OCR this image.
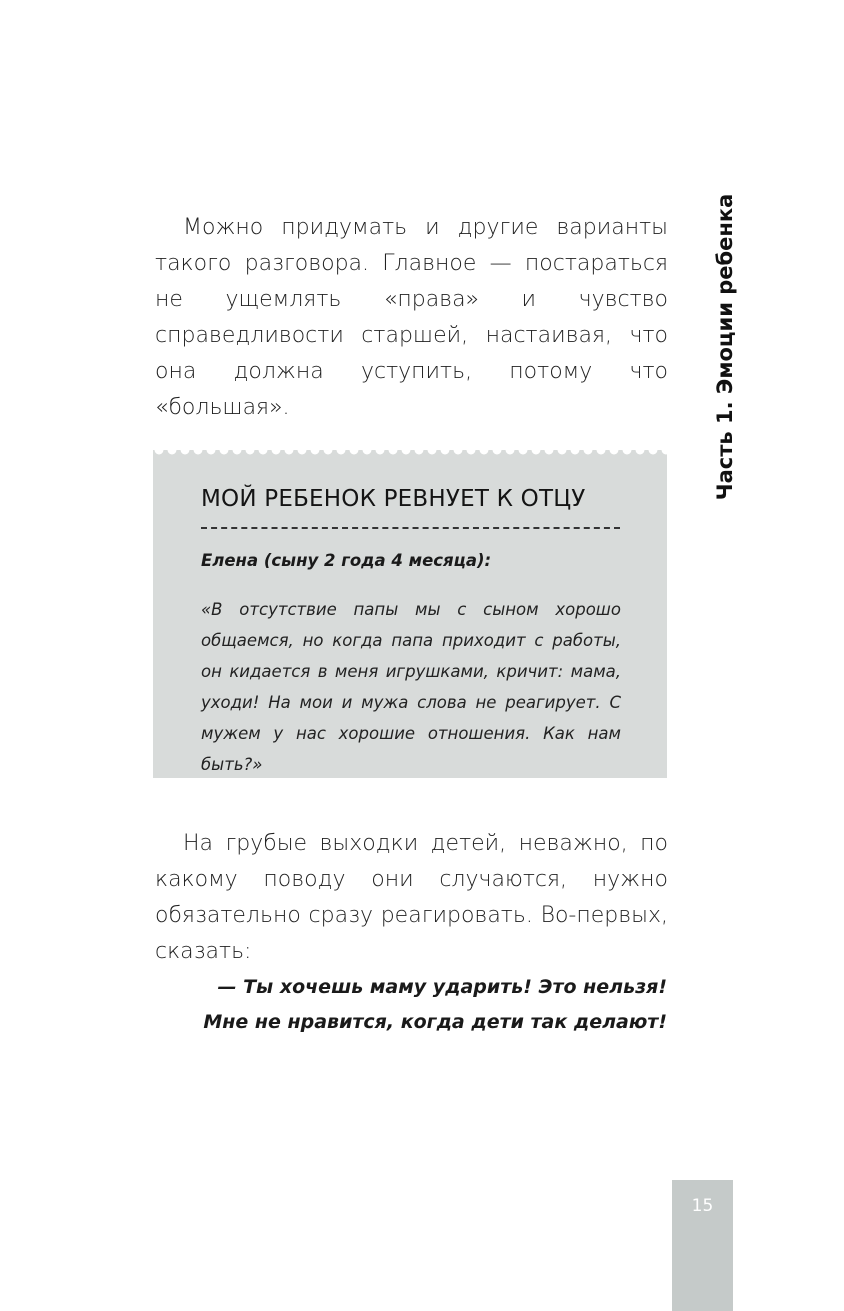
Часть 1. Эмоции ребенка

Можно придумать и другие варианты такого разговора. Главное — постараться не ущемлять «права» и чувство справедливости старшей, настаивая, что она должна уступить, потому что «большая».

МОЙ РЕБЕНОК РЕВНУЕТ К ОТЦУ

Елена (сыну 2 года 4 месяца):

«В отсутствие папы мы с сыном хорошо общаемся, но когда папа приходит с работы, он кидается в меня игрушками, кричит: мама, уходи! На мои и мужа слова не реагирует. С мужем у нас хорошие отношения. Как нам быть?»

На грубые выходки детей, неважно, по какому поводу они случаются, нужно обязательно сразу реагировать. Во-первых, сказать:

— Ты хочешь маму ударить! Это нельзя!
Мне не нравится, когда дети так делают!

15
